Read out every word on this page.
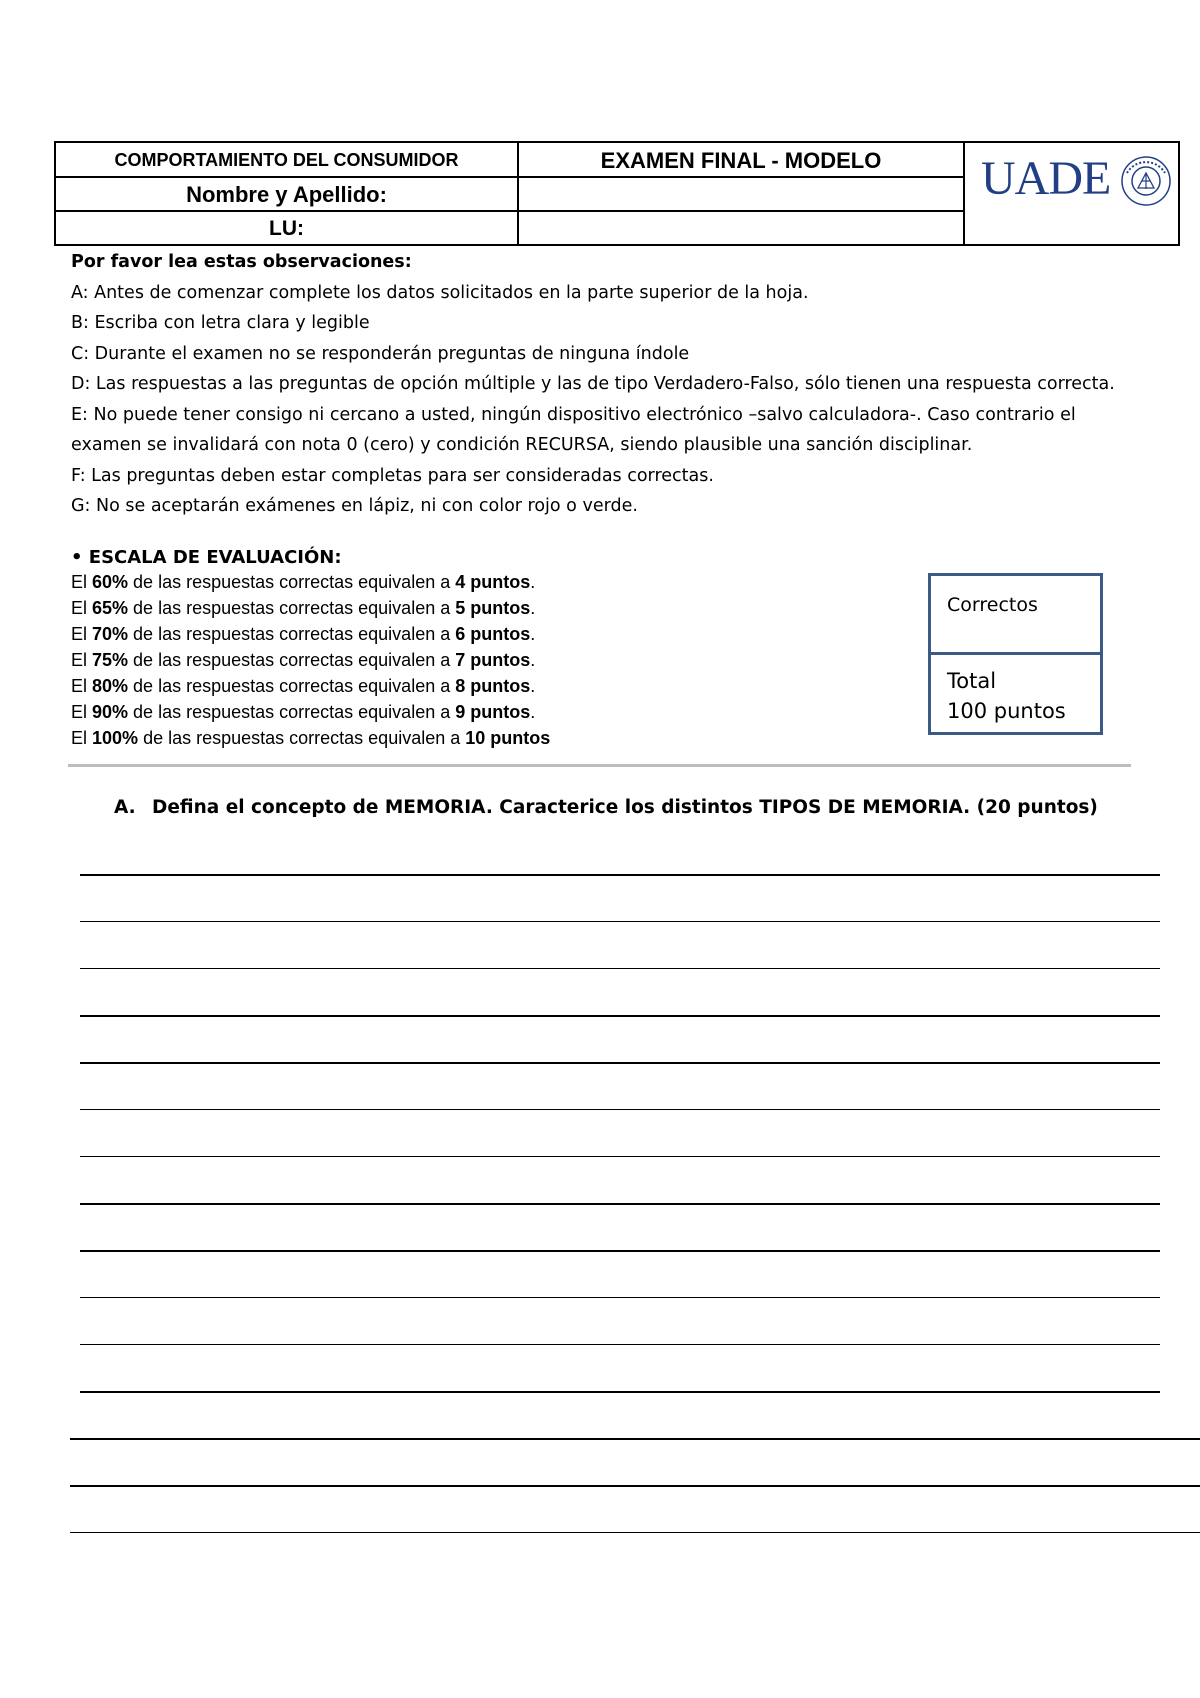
COMPORTAMIENTO DEL CONSUMIDOR	EXAMEN FINAL - MODELO
Nombre y Apellido:
LU:
UADE
Por favor lea estas observaciones:
A: Antes de comenzar complete los datos solicitados en la parte superior de la hoja.
B: Escriba con letra clara y legible
C: Durante el examen no se responderán preguntas de ninguna índole
D: Las respuestas a las preguntas de opción múltiple y las de tipo Verdadero-Falso, sólo tienen una respuesta correcta.
E: No puede tener consigo ni cercano a usted, ningún dispositivo electrónico –salvo calculadora-. Caso contrario el
examen se invalidará con nota 0 (cero) y condición RECURSA, siendo plausible una sanción disciplinar.
F: Las preguntas deben estar completas para ser consideradas correctas.
G: No se aceptarán exámenes en lápiz, ni con color rojo o verde.
• ESCALA DE EVALUACIÓN:
El 60% de las respuestas correctas equivalen a 4 puntos.
El 65% de las respuestas correctas equivalen a 5 puntos.
El 70% de las respuestas correctas equivalen a 6 puntos.
El 75% de las respuestas correctas equivalen a 7 puntos.
El 80% de las respuestas correctas equivalen a 8 puntos.
El 90% de las respuestas correctas equivalen a 9 puntos.
El 100% de las respuestas correctas equivalen a 10 puntos
Correctos
Total
100 puntos
A. Defina el concepto de MEMORIA. Caracterice los distintos TIPOS DE MEMORIA. (20 puntos)
